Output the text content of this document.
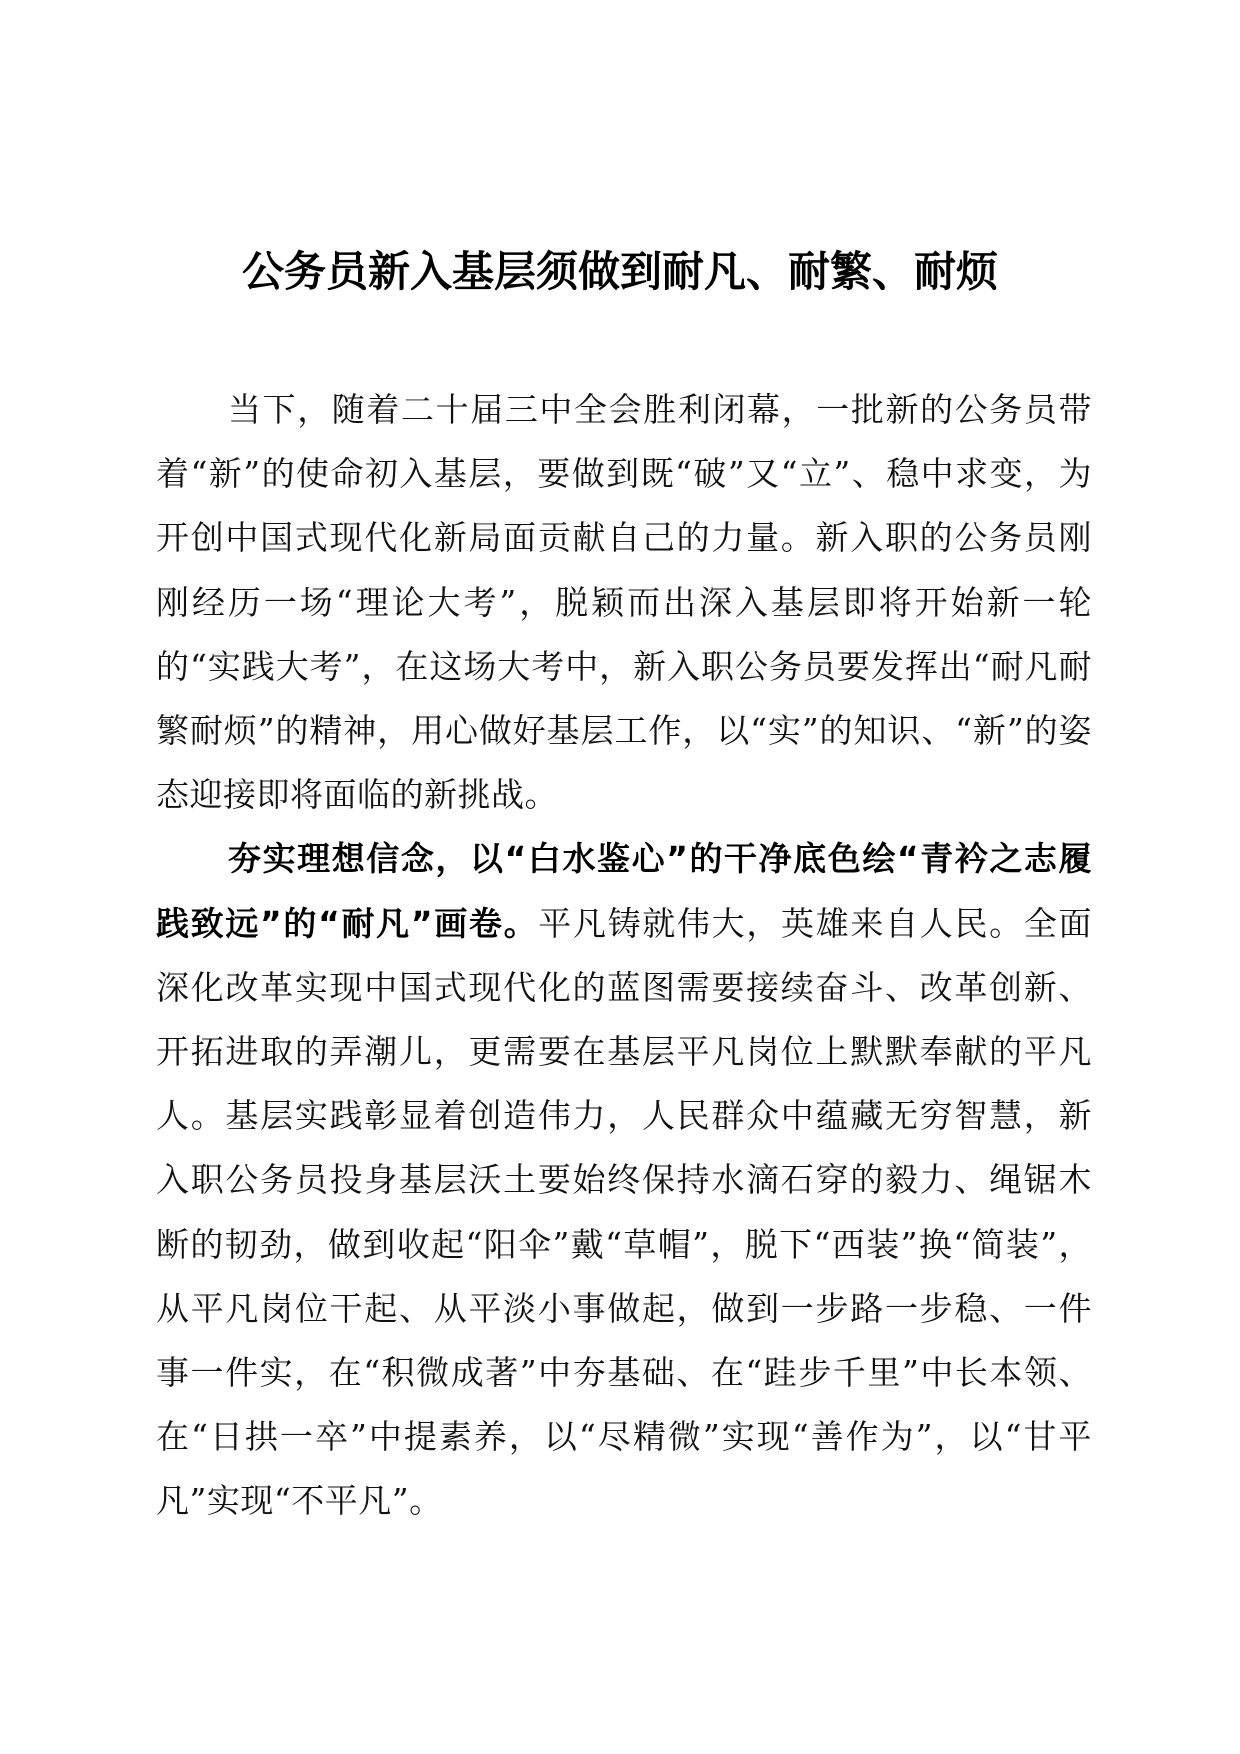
公务员新入基层须做到耐凡、耐繁、耐烦

当下，随着二十届三中全会胜利闭幕，一批新的公务员带着“新”的使命初入基层，要做到既“破”又“立”、稳中求变，为开创中国式现代化新局面贡献自己的力量。新入职的公务员刚刚经历一场“理论大考”，脱颖而出深入基层即将开始新一轮的“实践大考”，在这场大考中，新入职公务员要发挥出“耐凡耐繁耐烦”的精神，用心做好基层工作，以“实”的知识、“新”的姿态迎接即将面临的新挑战。

夯实理想信念，以“白水鉴心”的干净底色绘“青衿之志履践致远”的“耐凡”画卷。平凡铸就伟大，英雄来自人民。全面深化改革实现中国式现代化的蓝图需要接续奋斗、改革创新、开拓进取的弄潮儿，更需要在基层平凡岗位上默默奉献的平凡人。基层实践彰显着创造伟力，人民群众中蕴藏无穷智慧，新入职公务员投身基层沃土要始终保持水滴石穿的毅力、绳锯木断的韧劲，做到收起“阳伞”戴“草帽”，脱下“西装”换“简装”，从平凡岗位干起、从平淡小事做起，做到一步路一步稳、一件事一件实，在“积微成著”中夯基础、在“跬步千里”中长本领、在“日拱一卒”中提素养，以“尽精微”实现“善作为”，以“甘平凡”实现“不平凡”。
